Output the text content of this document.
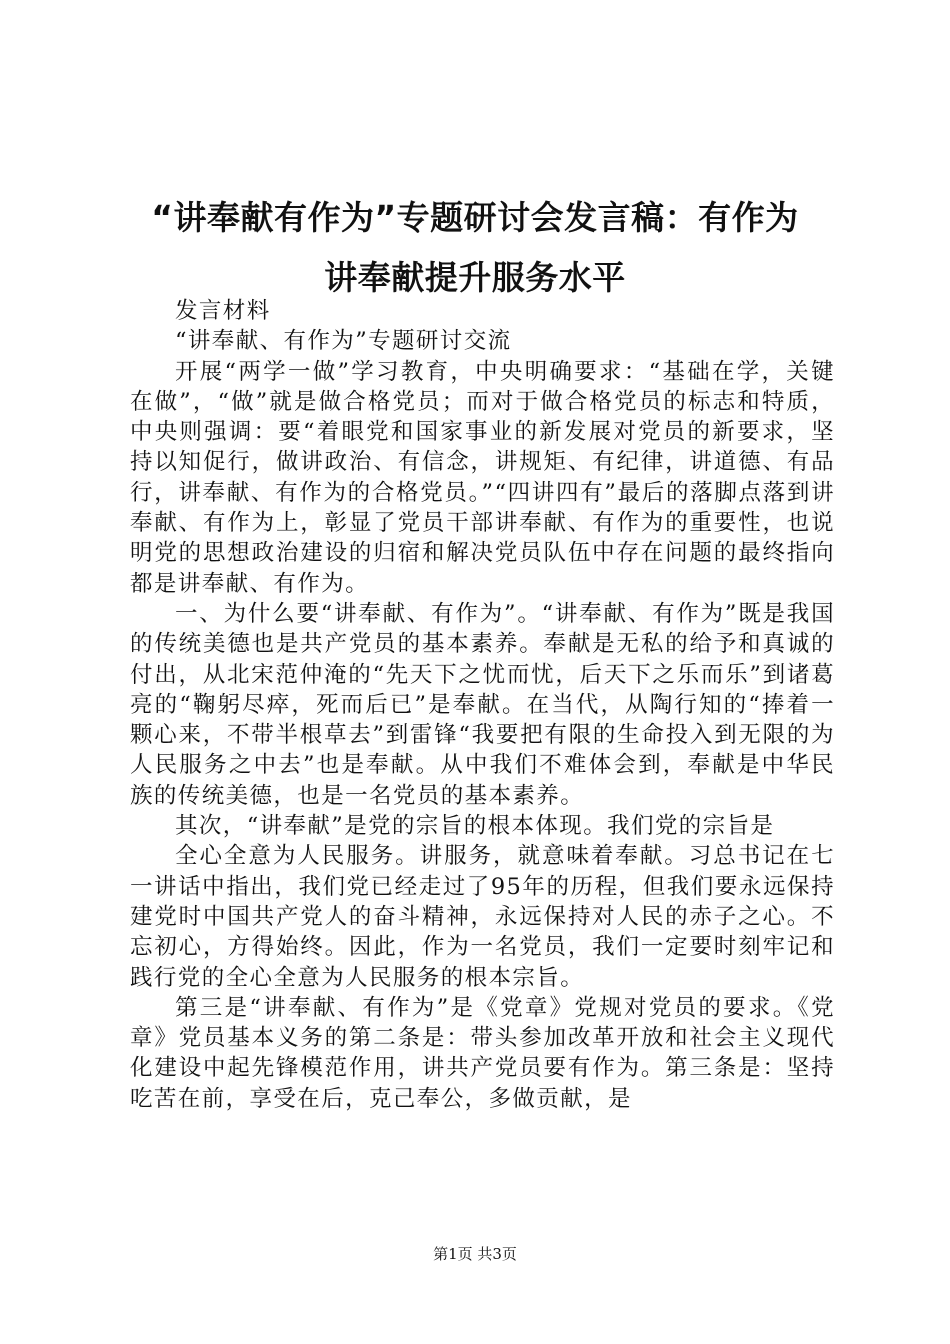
“讲奉献有作为”专题研讨会发言稿：有作为
讲奉献提升服务水平

发言材料

“讲奉献、有作为”专题研讨交流

开展“两学一做”学习教育，中央明确要求：“基础在学，关键在做”，“做”就是做合格党员；而对于做合格党员的标志和特质，中央则强调：要“着眼党和国家事业的新发展对党员的新要求，坚持以知促行，做讲政治、有信念，讲规矩、有纪律，讲道德、有品行，讲奉献、有作为的合格党员。”“四讲四有”最后的落脚点落到讲奉献、有作为上，彰显了党员干部讲奉献、有作为的重要性，也说明党的思想政治建设的归宿和解决党员队伍中存在问题的最终指向都是讲奉献、有作为。

一、为什么要“讲奉献、有作为”。“讲奉献、有作为”既是我国的传统美德也是共产党员的基本素养。奉献是无私的给予和真诚的付出，从北宋范仲淹的“先天下之忧而忧，后天下之乐而乐”到诸葛亮的“鞠躬尽瘁，死而后已”是奉献。在当代，从陶行知的“捧着一颗心来，不带半根草去”到雷锋“我要把有限的生命投入到无限的为人民服务之中去”也是奉献。从中我们不难体会到，奉献是中华民族的传统美德，也是一名党员的基本素养。

其次，“讲奉献”是党的宗旨的根本体现。我们党的宗旨是

全心全意为人民服务。讲服务，就意味着奉献。习总书记在七一讲话中指出，我们党已经走过了95年的历程，但我们要永远保持建党时中国共产党人的奋斗精神，永远保持对人民的赤子之心。不忘初心，方得始终。因此，作为一名党员，我们一定要时刻牢记和践行党的全心全意为人民服务的根本宗旨。

第三是“讲奉献、有作为”是《党章》党规对党员的要求。《党章》党员基本义务的第二条是：带头参加改革开放和社会主义现代化建设中起先锋模范作用，讲共产党员要有作为。第三条是：坚持吃苦在前，享受在后，克己奉公，多做贡献，是

第1页 共3页
